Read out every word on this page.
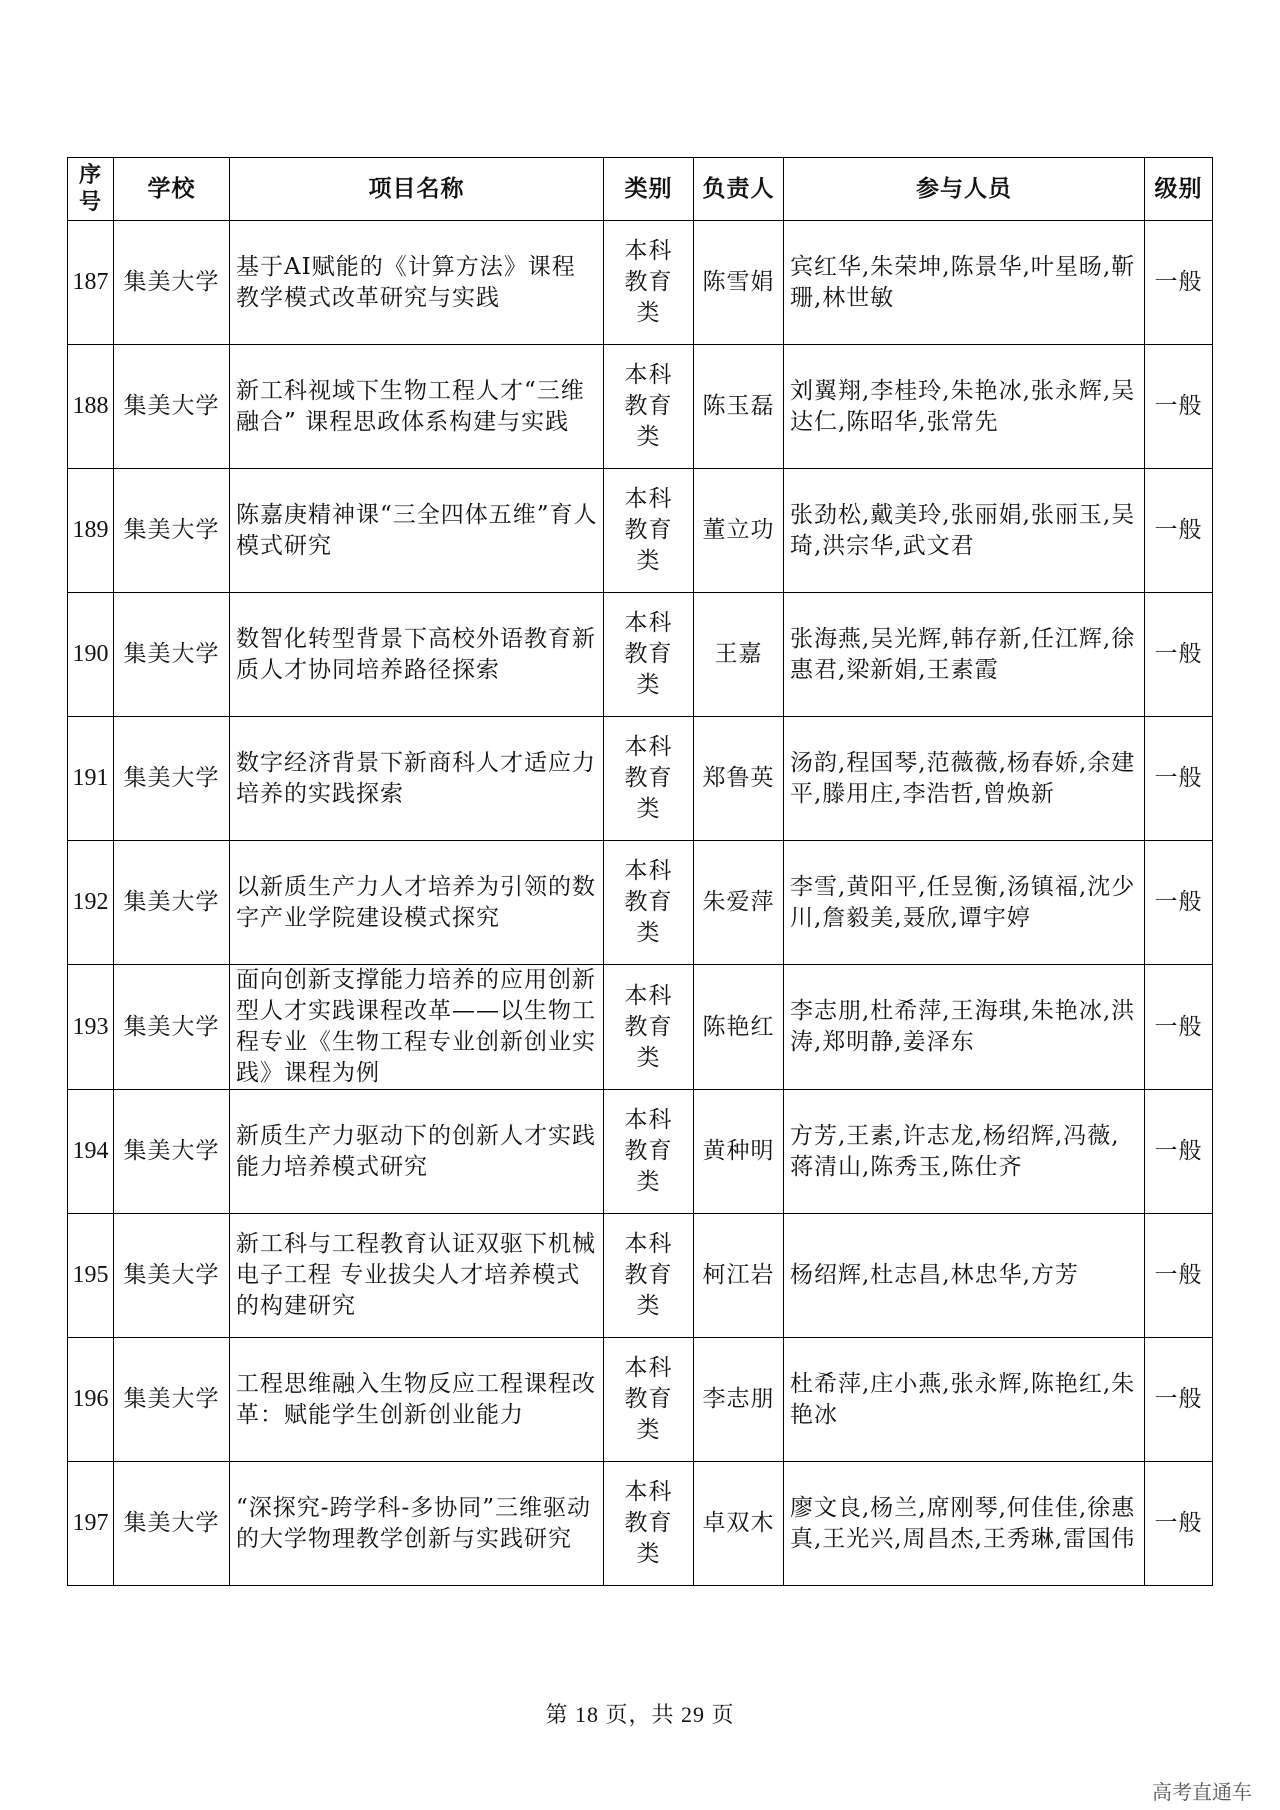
序号	学校	项目名称	类别	负责人	参与人员	级别
187	集美大学	基于AI赋能的《计算方法》课程教学模式改革研究与实践	本科教育类	陈雪娟	宾红华,朱荣坤,陈景华,叶星旸,靳珊,林世敏	一般
188	集美大学	新工科视域下生物工程人才“三维融合” 课程思政体系构建与实践	本科教育类	陈玉磊	刘翼翔,李桂玲,朱艳冰,张永辉,吴达仁,陈昭华,张常先	一般
189	集美大学	陈嘉庚精神课“三全四体五维”育人模式研究	本科教育类	董立功	张劲松,戴美玲,张丽娟,张丽玉,吴琦,洪宗华,武文君	一般
190	集美大学	数智化转型背景下高校外语教育新质人才协同培养路径探索	本科教育类	王嘉	张海燕,吴光辉,韩存新,任江辉,徐惠君,梁新娟,王素霞	一般
191	集美大学	数字经济背景下新商科人才适应力培养的实践探索	本科教育类	郑鲁英	汤韵,程国琴,范薇薇,杨春娇,余建平,滕用庄,李浩哲,曾焕新	一般
192	集美大学	以新质生产力人才培养为引领的数字产业学院建设模式探究	本科教育类	朱爱萍	李雪,黄阳平,任昱衡,汤镇福,沈少川,詹毅美,聂欣,谭宇婷	一般
193	集美大学	面向创新支撑能力培养的应用创新型人才实践课程改革——以生物工程专业《生物工程专业创新创业实践》课程为例	本科教育类	陈艳红	李志朋,杜希萍,王海琪,朱艳冰,洪涛,郑明静,姜泽东	一般
194	集美大学	新质生产力驱动下的创新人才实践能力培养模式研究	本科教育类	黄种明	方芳,王素,许志龙,杨绍辉,冯薇,蒋清山,陈秀玉,陈仕齐	一般
195	集美大学	新工科与工程教育认证双驱下机械电子工程 专业拔尖人才培养模式的构建研究	本科教育类	柯江岩	杨绍辉,杜志昌,林忠华,方芳	一般
196	集美大学	工程思维融入生物反应工程课程改革：赋能学生创新创业能力	本科教育类	李志朋	杜希萍,庄小燕,张永辉,陈艳红,朱艳冰	一般
197	集美大学	“深探究-跨学科-多协同”三维驱动的大学物理教学创新与实践研究	本科教育类	卓双木	廖文良,杨兰,席刚琴,何佳佳,徐惠真,王光兴,周昌杰,王秀琳,雷国伟	一般
第 18 页，共 29 页
高考直通车
